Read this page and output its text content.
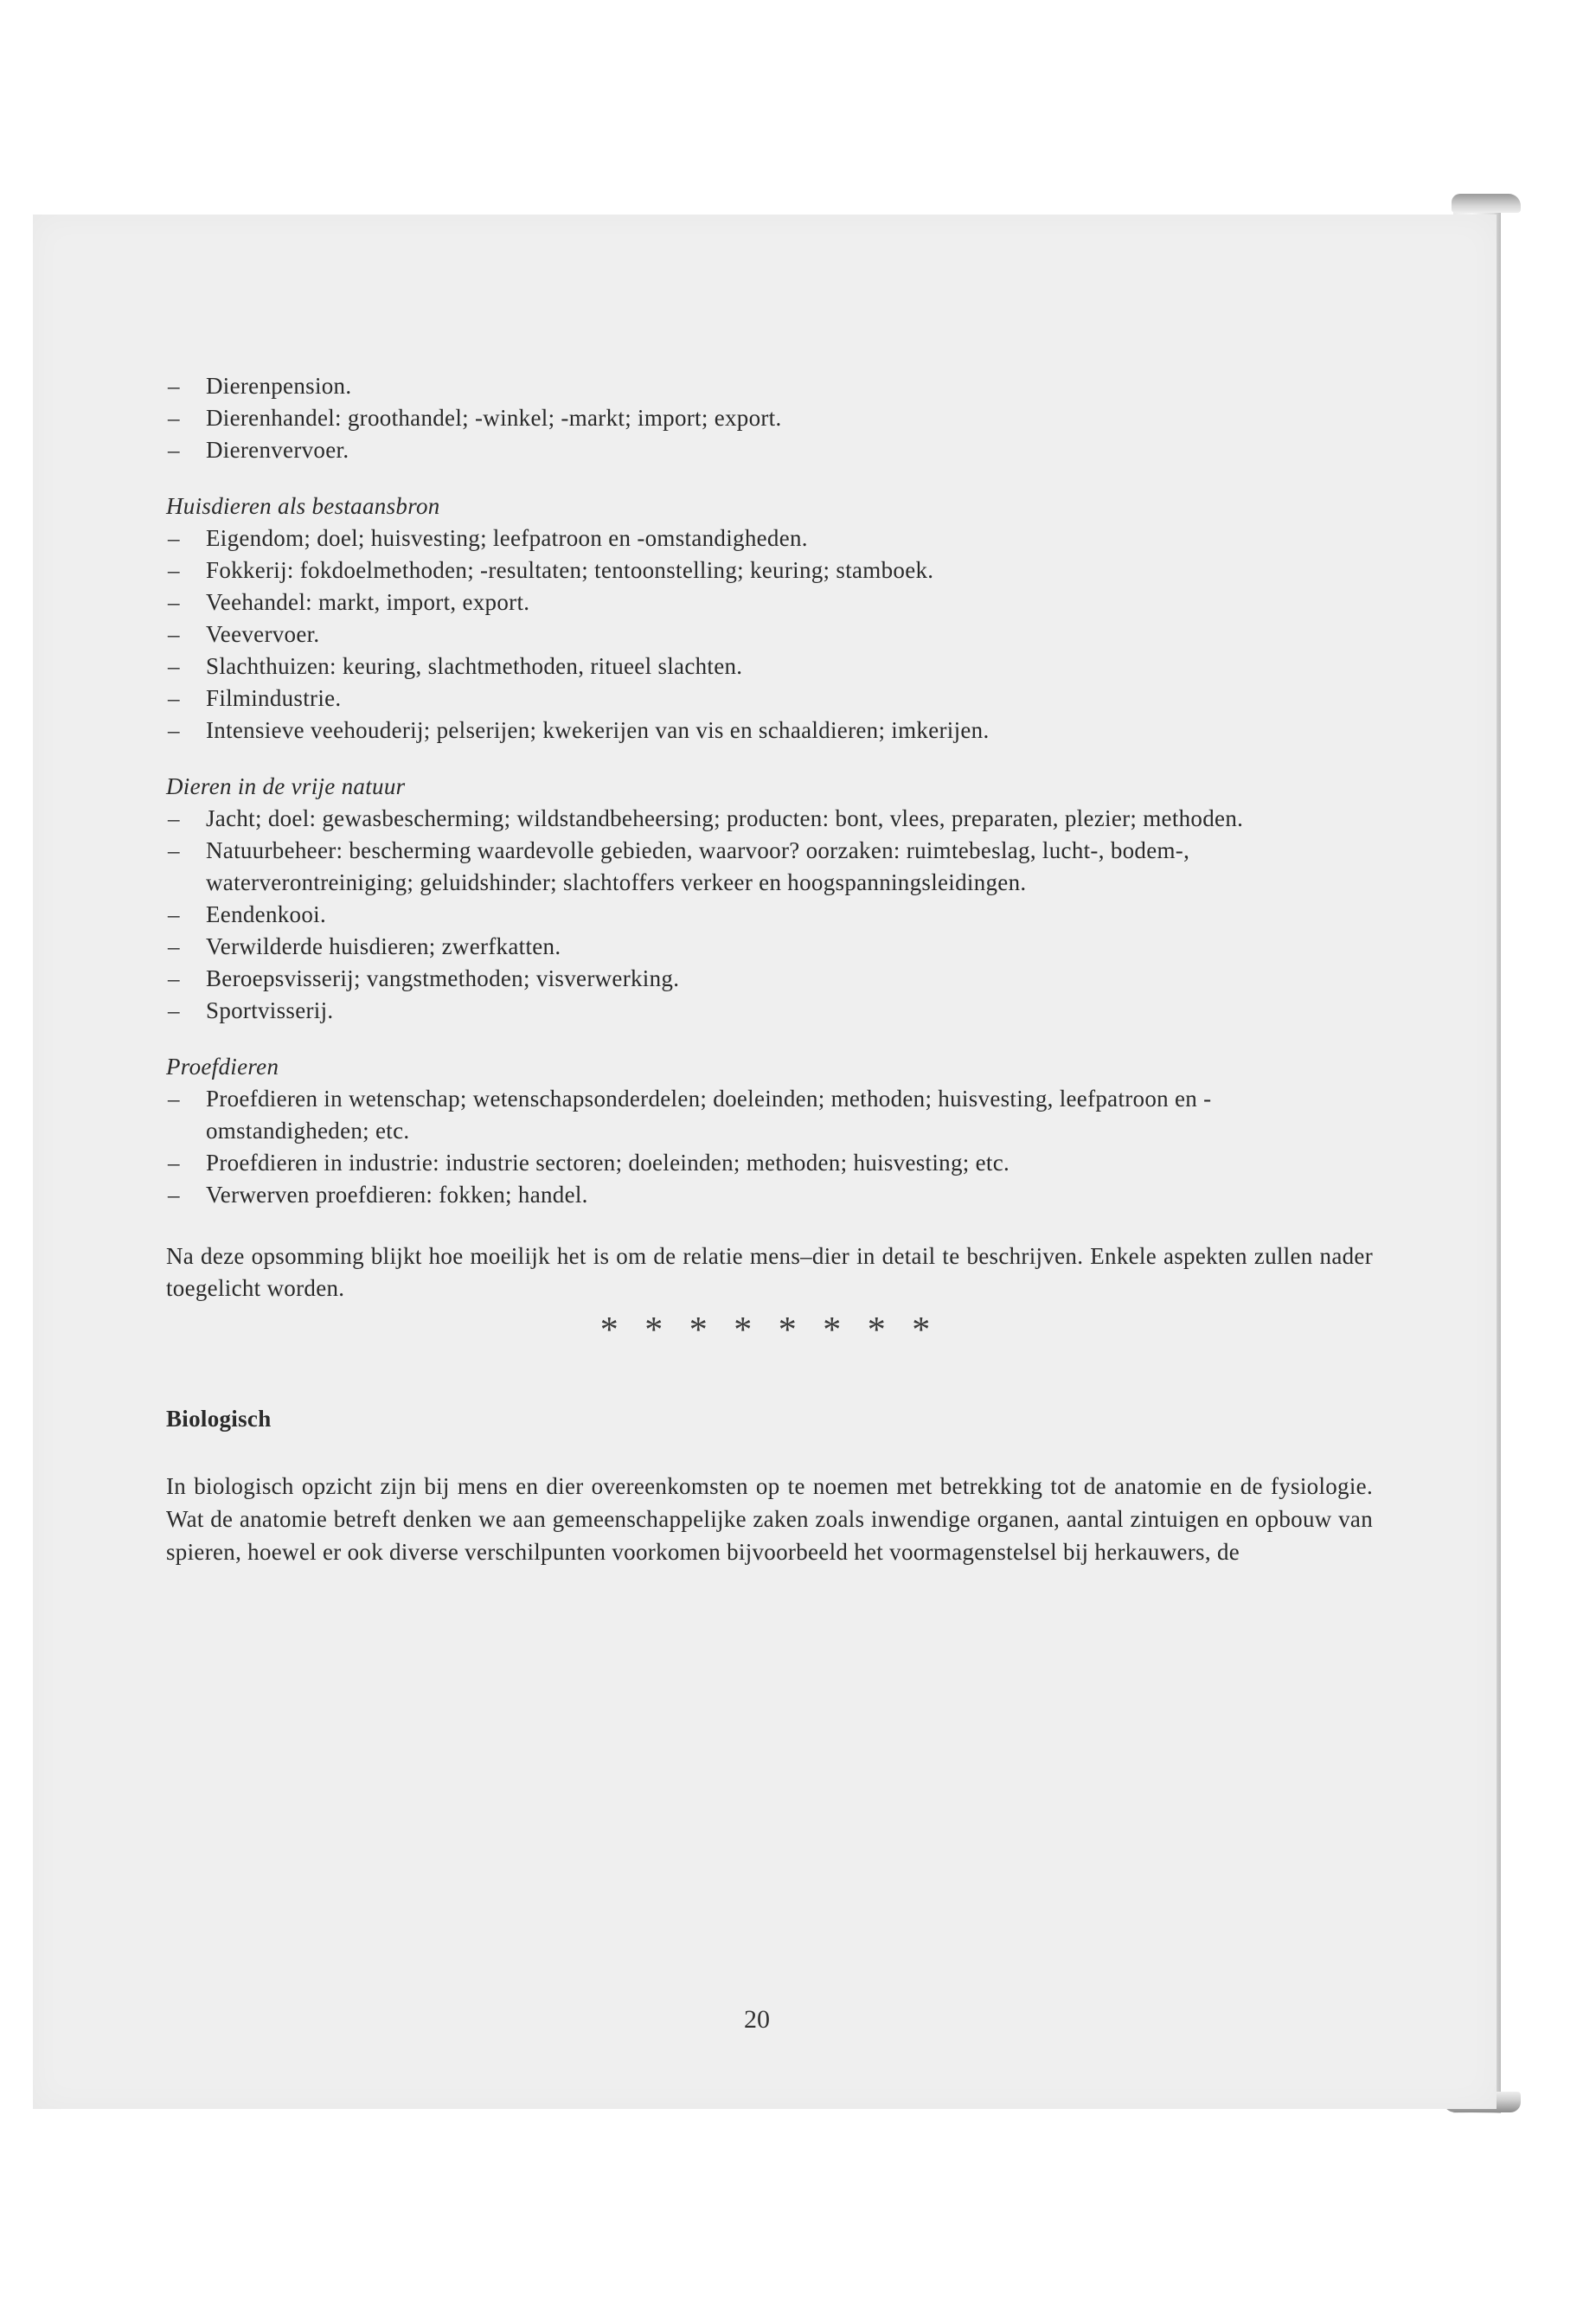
– Dierenpension.
– Dierenhandel: groothandel; -winkel; -markt; import; export.
– Dierenvervoer.
Huisdieren als bestaansbron
– Eigendom; doel; huisvesting; leefpatroon en -omstandigheden.
– Fokkerij: fokdoelmethoden; -resultaten; tentoonstelling; keuring; stamboek.
– Veehandel: markt, import, export.
– Veevervoer.
– Slachthuizen: keuring, slachtmethoden, ritueel slachten.
– Filmindustrie.
– Intensieve veehouderij; pelserijen; kwekerijen van vis en schaaldieren; imkerijen.
Dieren in de vrije natuur
– Jacht; doel: gewasbescherming; wildstandbeheersing; producten: bont, vlees, preparaten, plezier; methoden.
– Natuurbeheer: bescherming waardevolle gebieden, waarvoor? oorzaken: ruimtebeslag, lucht-, bodem-, waterverontreiniging; geluidshinder; slachtoffers verkeer en hoogspanningsleidingen.
– Eendenkooi.
– Verwilderde huisdieren; zwerfkatten.
– Beroepsvisserij; vangstmethoden; visverwerking.
– Sportvisserij.
Proefdieren
– Proefdieren in wetenschap; wetenschapsonderdelen; doeleinden; methoden; huisvesting, leefpatroon en -omstandigheden; etc.
– Proefdieren in industrie: industrie sectoren; doeleinden; methoden; huisvesting; etc.
– Verwerven proefdieren: fokken; handel.

Na deze opsomming blijkt hoe moeilijk het is om de relatie mens–dier in detail te beschrijven. Enkele aspekten zullen nader toegelicht worden.

* * * * * * * *
Biologisch

In biologisch opzicht zijn bij mens en dier overeenkomsten op te noemen met betrekking tot de anatomie en de fysiologie. Wat de anatomie betreft denken we aan gemeenschappelijke zaken zoals inwendige organen, aantal zintuigen en opbouw van spieren, hoewel er ook diverse verschilpunten voorkomen bijvoorbeeld het voormagenstelsel bij herkauwers, de

20
